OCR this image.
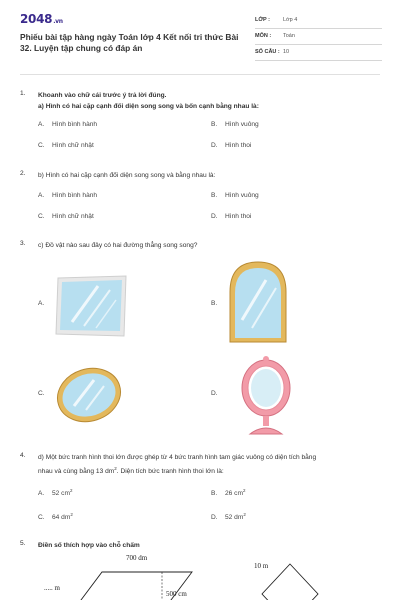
2048.vn
Phiếu bài tập hàng ngày Toán lớp 4 Kết nối tri thức Bài 32. Luyện tập chung có đáp án
LỚP : Lớp 4
MÔN : Toán
SỐ CÂU : 10
1. Khoanh vào chữ cái trước ý trả lời đúng.
a) Hình có hai cặp cạnh đối diện song song và bốn cạnh bằng nhau là:
A. Hình bình hành	B. Hình vuông
C. Hình chữ nhật	D. Hình thoi
2. b) Hình có hai cặp cạnh đối diện song song và bằng nhau là:
A. Hình bình hành	B. Hình vuông
C. Hình chữ nhật	D. Hình thoi
3. c) Đồ vật nào sau đây có hai đường thẳng song song?
A.	B.
C.	D.
4. d) Một bức tranh hình thoi lớn được ghép từ 4 bức tranh hình tam giác vuông có diện tích bằng
nhau và cùng bằng 13 $dm^2$. Diện tích bức tranh hình thoi lớn là:
A. 52 $cm^2$	B. 26 $cm^2$
C. 64 $dm^2$	D. 52 $dm^2$
5. Điền số thích hợp vào chỗ chấm
700 dm
..... m
500 cm
10 m
